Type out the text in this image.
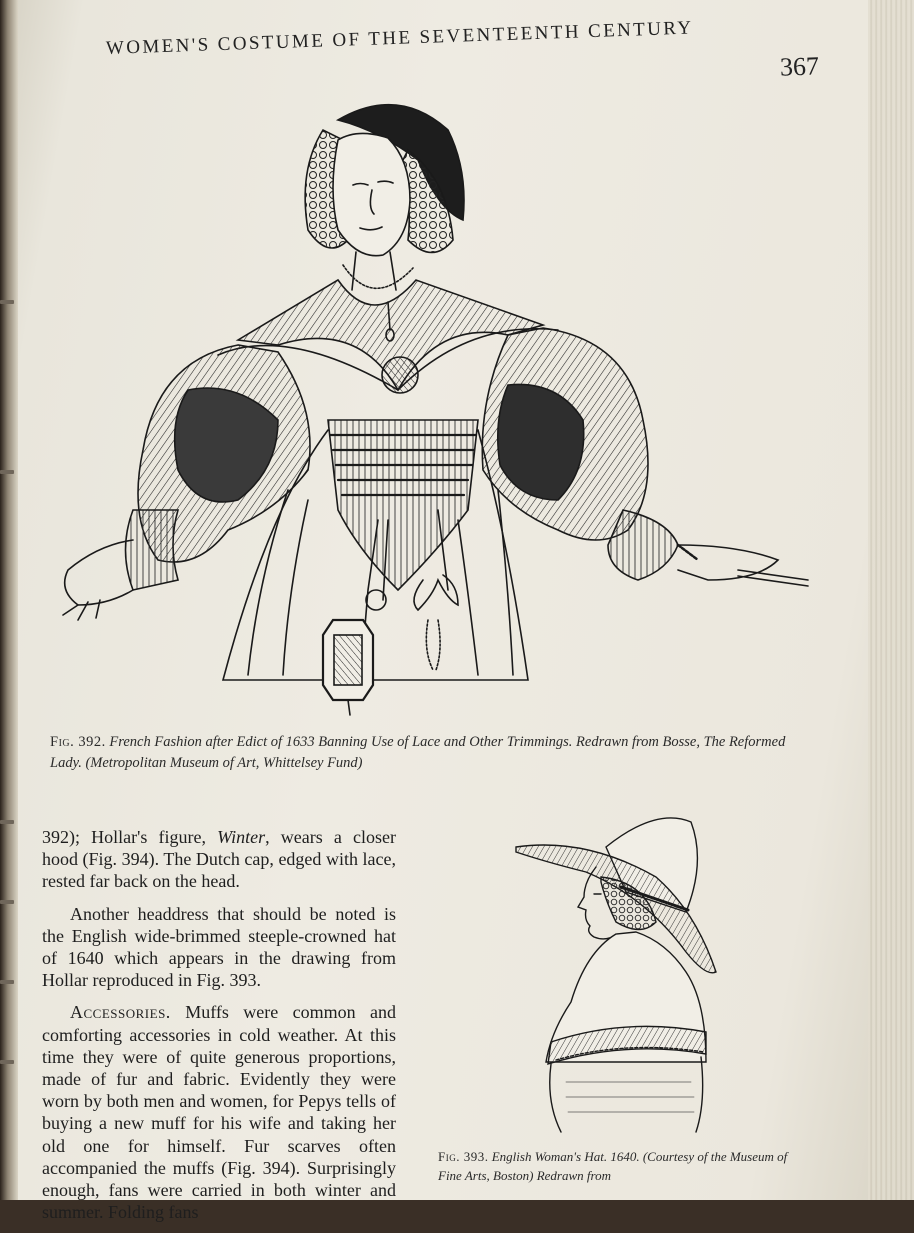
WOMEN'S COSTUME OF THE SEVENTEENTH CENTURY
367
Fig. 392. French Fashion after Edict of 1633 Banning Use of Lace and Other Trimmings. Redrawn from Bosse, The Reformed Lady. (Metropolitan Museum of Art, Whittelsey Fund)

392); Hollar's figure, Winter, wears a closer hood (Fig. 394). The Dutch cap, edged with lace, rested far back on the head.

Another headdress that should be noted is the English wide-brimmed steeple-crowned hat of 1640 which appears in the drawing from Hollar reproduced in Fig. 393.

Accessories. Muffs were common and comforting accessories in cold weather. At this time they were of quite generous proportions, made of fur and fabric. Evidently they were worn by both men and women, for Pepys tells of buying a new muff for his wife and taking her old one for himself. Fur scarves often accompanied the muffs (Fig. 394). Surprisingly enough, fans were carried in both winter and summer. Folding fans

Fig. 393. English Woman's Hat. 1640. (Courtesy of the Museum of Fine Arts, Boston) Redrawn from
